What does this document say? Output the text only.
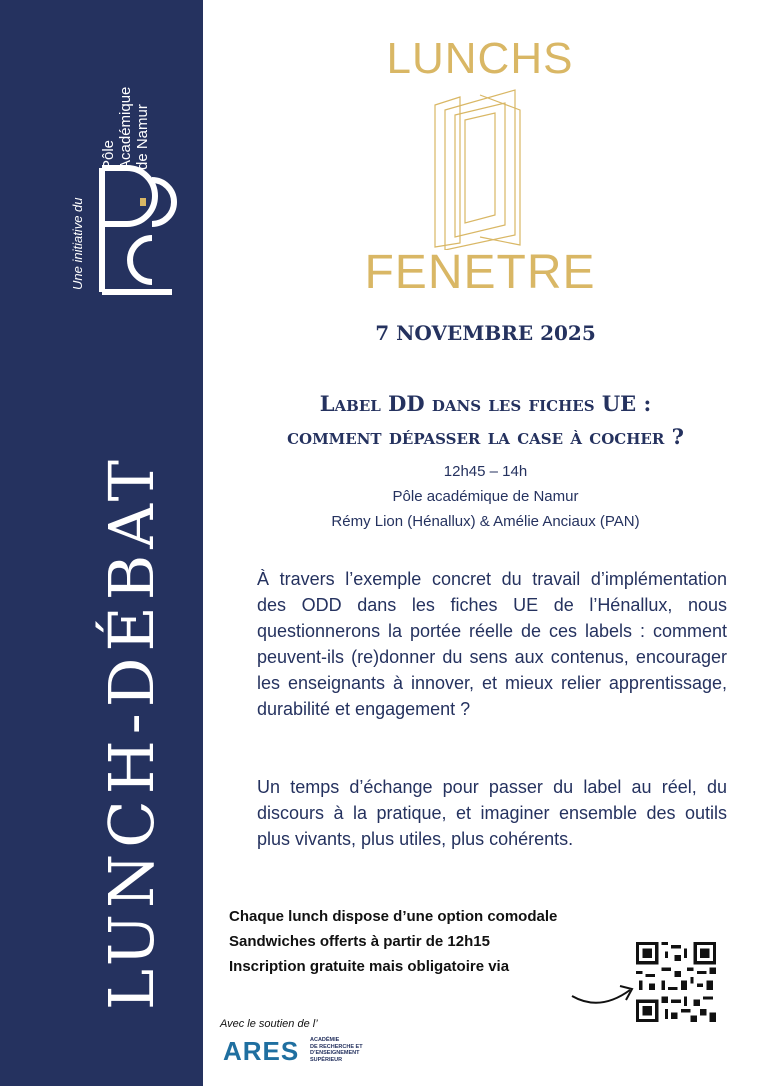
Une initiative du
Pôle Académique de Namur
LUNCH-DÉBAT
LUNCHS
FENETRE
7 NOVEMBRE 2025
Label DD dans les fiches UE :
comment dépasser la case à cocher ?
12h45 – 14h
Pôle académique de Namur
Rémy Lion (Hénallux) & Amélie Anciaux (PAN)
À travers l’exemple concret du travail d’implémentation des ODD dans les fiches UE de l’Hénallux, nous questionnerons la portée réelle de ces labels : comment peuvent-ils (re)donner du sens aux contenus, encourager les enseignants à innover, et mieux relier apprentissage, durabilité et engagement ?
Un temps d’échange pour passer du label au réel, du discours à la pratique, et imaginer ensemble des outils plus vivants, plus utiles, plus cohérents.
Chaque lunch dispose d’une option comodale
Sandwiches offerts à partir de 12h15
Inscription gratuite mais obligatoire via
Avec le soutien de l’
ARES ACADÉMIE
DE RECHERCHE ET
D’ENSEIGNEMENT
SUPÉRIEUR
